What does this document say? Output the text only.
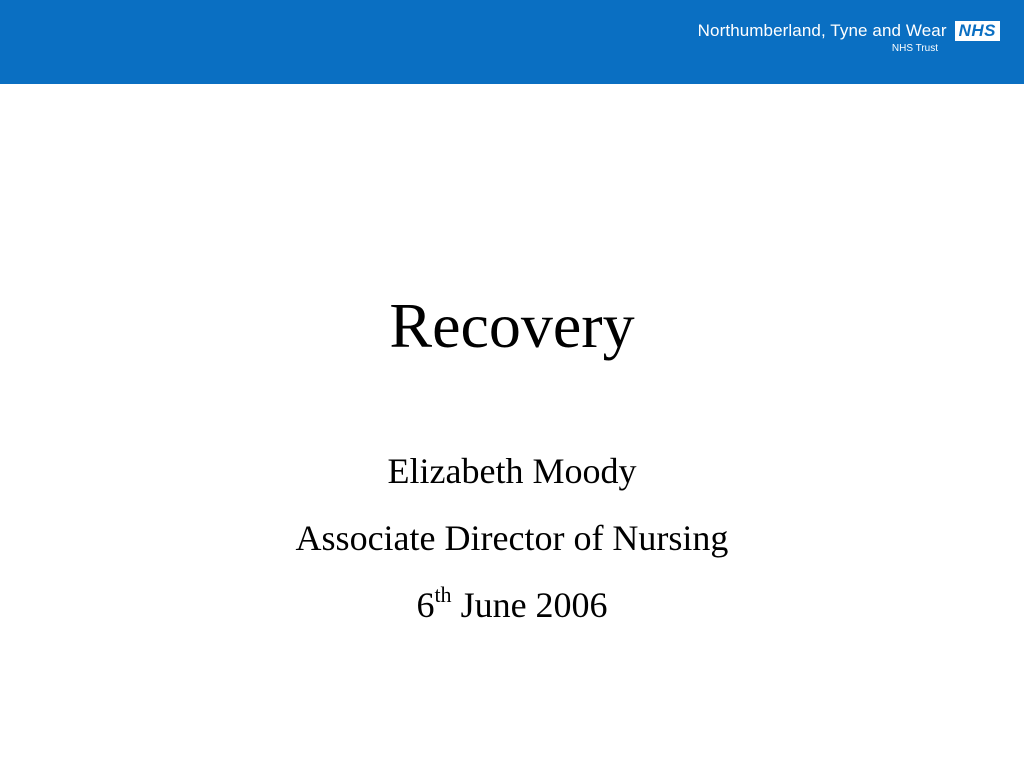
Northumberland, Tyne and Wear NHS
NHS Trust
Recovery
Elizabeth Moody
Associate Director of Nursing
6th June 2006
